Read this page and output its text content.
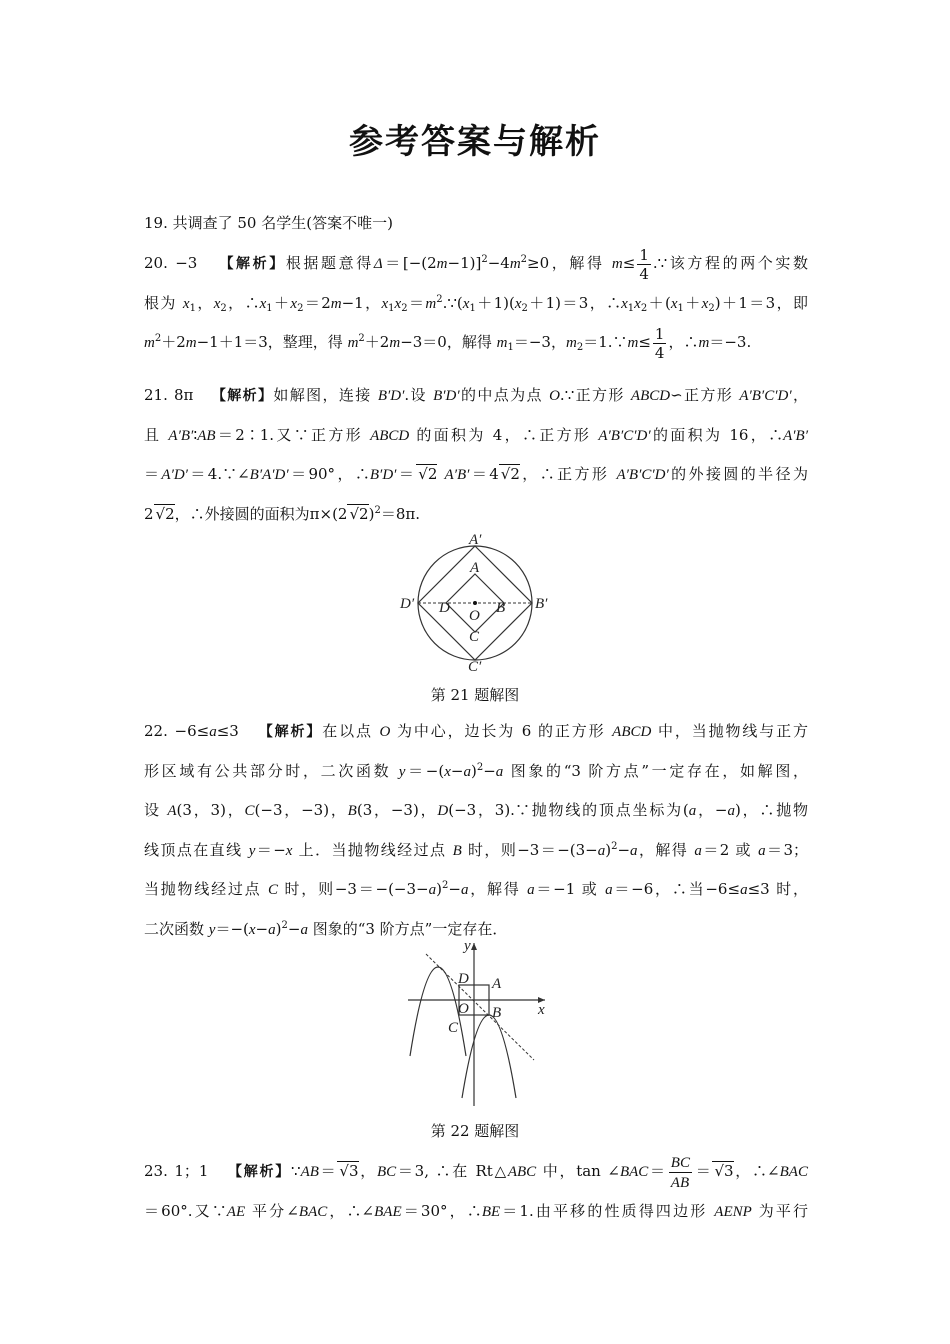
参考答案与解析
19. 共调查了 50 名学生(答案不唯一)
20. −3   【解析】根据题意得$\Delta=[-(2m-1)]^2-4m^2\ge 0$，解得 $m\le \frac{1}{4}$ .∵该方程的两个实数
根为 $x_1$，$x_2$，$\therefore x_1+x_2=2m-1$，$x_1x_2=m^2.\because(x_1+1)(x_2+1)=3$，$\therefore x_1x_2+(x_1+x_2)+1=3$，即
$m^2+2m-1+1=3$，整理，得 $m^2+2m-3=0$，解得 $m_1=-3$，$m_2=1.\because m\le \frac{1}{4}$ ，∴m＝−3.
21. 8π   【解析】如解图，连接 B′D′.设 B′D′的中点为点 O.∵正方形 ABCD∽正方形 A′B′C′D′，
且 A′B′∶AB＝2∶1.又∵正方形 ABCD 的面积为 4，∴正方形 A′B′C′D′的面积为 16，∴A′B′
＝A′D′＝4.∵∠B′A′D′＝90°，∴B′D′＝ √ 2 A′B′＝4 √ 2，∴正方形 A′B′C′D′的外接圆的半径为
2 √ 2，∴外接圆的面积为π×(2 √ 2)$^2$＝8π.
A′
A
D′ D O B B′
C
C′
第 21 题解图
22. −6≤a≤3   【解析】在以点 O 为中心，边长为 6 的正方形 ABCD 中，当抛物线与正方
形区域有公共部分时，二次函数 $y=-(x-a)^2-a$ 图象的“3 阶方点”一定存在，如解图，
设 A(3，3)，C(−3，−3)，B(3，−3)，D(−3，3).∵抛物线的顶点坐标为(a，−a)，∴抛物
线顶点在直线 y＝−x 上．当抛物线经过点 B 时，则$-3=-(3-a)^2-a$，解得 a＝2 或 a＝3；
当抛物线经过点 C 时，则$-3=-(-3-a)^2-a$，解得 a＝−1 或 a＝−6，∴当−6≤a≤3 时，
二次函数 $y=-(x-a)^2-a$ 图象的“3 阶方点”一定存在．
y
x
D A
O B
C
第 22 题解图
23. 1；1   【解析】∵AB＝ √ 3，BC＝3, ∴在 Rt△ABC 中，tan ∠BAC＝ $\frac{BC}{AB}$ ＝ √ 3，∴∠BAC
＝60°.又∵AE 平分∠BAC，∴∠BAE＝30°，∴BE＝1.由平移的性质得四边形 AENP 为平行
